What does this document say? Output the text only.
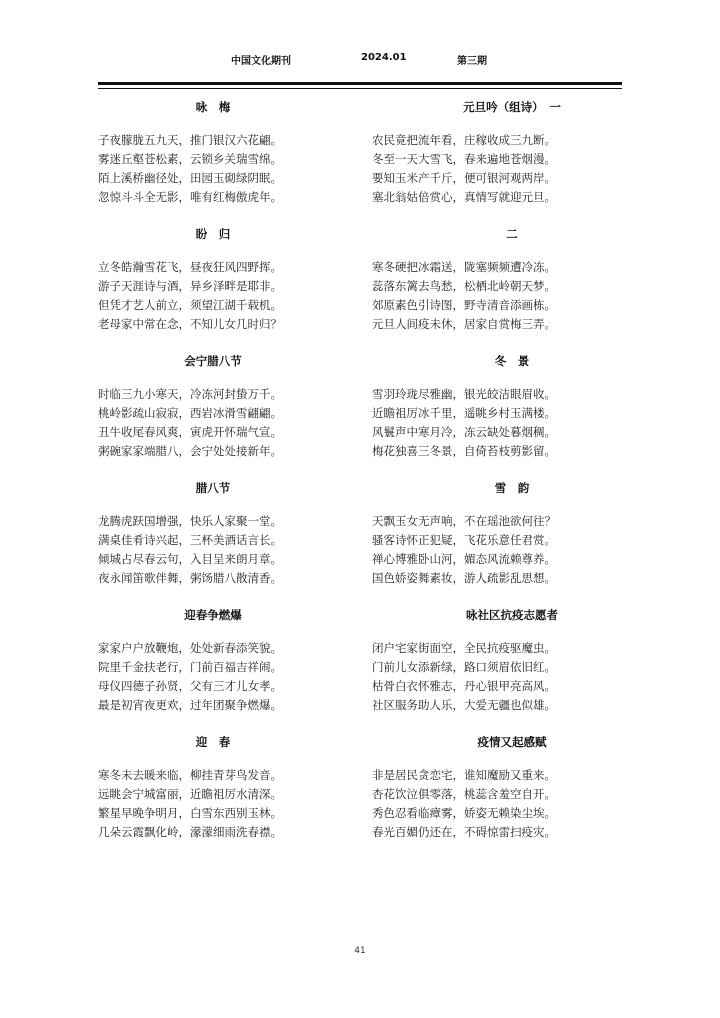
中国文化期刊	2024.01	第三期
咏　梅
子夜朦胧五九天，推门银汉六花翩。
雾迷丘壑苍松素，云锁乡关瑞雪绵。
陌上溪桥幽径处，田园玉砌绿阴眠。
忽惊斗斗全无影，唯有红梅傲虎年。
盼　归
立冬皓瀚雪花飞，昼夜狂风四野挥。
游子天涯诗与酒，异乡泽畔是耶非。
但凭才艺人前立，须望江湖千载机。
老母家中常在念，不知儿女几时归？
会宁腊八节
时临三九小寒天，冷冻河封蛰万千。
桃岭影疏山寂寂，西岩冰滑雪翩翩。
丑牛收尾春风爽，寅虎开怀瑞气宣。
粥碗家家端腊八，会宁处处接新年。
腊八节
龙腾虎跃国增强，快乐人家聚一堂。
满桌佳肴诗兴起，三杯美酒话言长。
倾城占尽春云句，入目呈来朗月章。
夜永闻笛歌伴舞，粥饧腊八散清香。
迎春争燃爆
家家户户放鞭炮，处处新春添笑貌。
院里千金扶老行，门前百福吉祥闹。
母仪四德子孙贤，父有三才儿女孝。
最是初宵夜更欢，过年团聚争燃爆。
迎　春
寒冬未去暖来临，柳挂青芽鸟发音。
远眺会宁城富丽，近瞻祖厉水清深。
繁星早晚争明月，白雪东西别玉林。
几朵云霞飘化岭，濛濛细雨洗春襟。
元旦吟（组诗）　一
农民竟把流年看，庄稼收成三九断。
冬至一天大雪飞，春来遍地苍烟漫。
要知玉米产千斤，便可银河观两岸。
塞北翁姑倍赏心，真情写就迎元旦。
二
寒冬硬把冰霜送，陇塞频频遭冷冻。
蕊落东篱去鸟愁，松栖北岭朝天梦。
郊原素色引诗图，野寺清音添画栋。
元旦人间疫未休，居家自赏梅三弄。
冬　景
雪羽玲珑尽雅幽，银光皎洁眼眉收。
近瞻祖厉冰千里，遥眺乡村玉满楼。
风鬟声中寒月冷，冻云缺处暮烟稠。
梅花独喜三冬景，自倚苔枝剪影留。
雪　韵
天飘玉女无声响，不在瑶池欲何往？
骚客诗怀正犯疑，飞花乐意任君赏。
禅心博雅卧山河，媚态风流赖尊养。
国色娇姿舞素妆，游人疏影乱思想。
咏社区抗疫志愿者
闭户宅家街面空，全民抗疫驱魔虫。
门前儿女添新绿，路口须眉依旧红。
枯骨白衣怀雅志，丹心银甲亮高风。
社区服务助人乐，大爱无疆也似雄。
疫情又起感赋
非是居民贪恋宅，谁知魔励又重来。
杏花饮泣俱零落，桃蕊含羞空自开。
秀色忍看临瘴雾，娇姿无赖染尘埃。
春光百媚仍还在，不碍惊雷扫疫灾。
41
